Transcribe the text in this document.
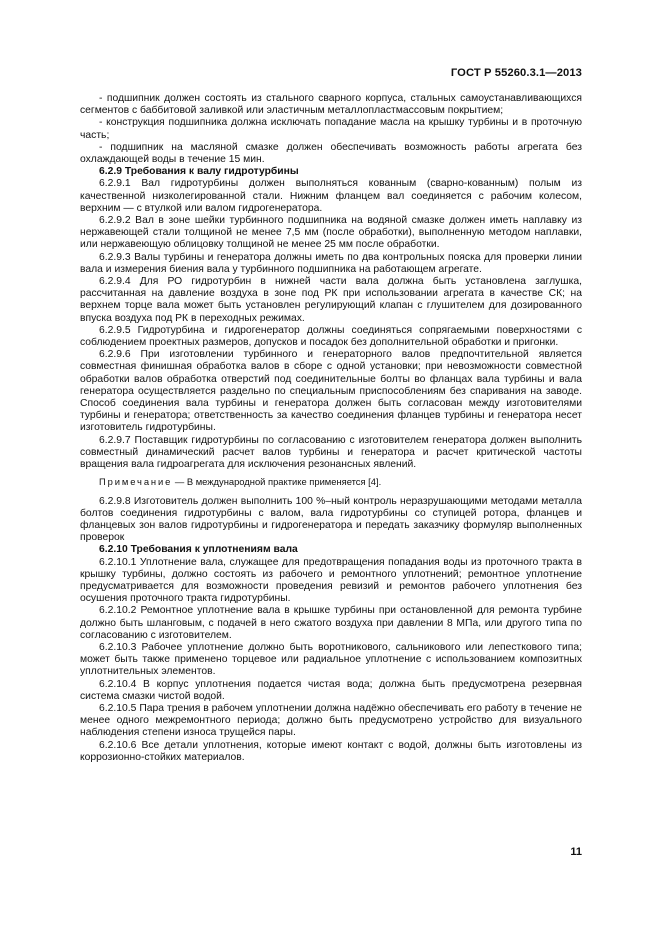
ГОСТ Р 55260.3.1—2013

- подшипник должен состоять из стального сварного корпуса, стальных самоустанавливающихся сегментов с баббитовой заливкой или эластичным металлопластмассовым покрытием;

- конструкция подшипника должна исключать попадание масла на крышку турбины и в проточную часть;

- подшипник на масляной смазке должен обеспечивать возможность работы агрегата без охлаждающей воды в течение 15 мин.

6.2.9 Требования к валу гидротурбины

6.2.9.1 Вал гидротурбины должен выполняться кованным (сварно-кованным) полым из качественной низколегированной стали. Нижним фланцем вал соединяется с рабочим колесом, верхним — с втулкой или валом гидрогенератора.

6.2.9.2 Вал в зоне шейки турбинного подшипника на водяной смазке должен иметь наплавку из нержавеющей стали толщиной не менее 7,5 мм (после обработки), выполненную методом наплавки, или нержавеющую облицовку толщиной не менее 25 мм после обработки.

6.2.9.3 Валы турбины и генератора должны иметь по два контрольных пояска для проверки линии вала и измерения биения вала у турбинного подшипника на работающем агрегате.

6.2.9.4 Для РО гидротурбин в нижней части вала должна быть установлена заглушка, рассчитанная на давление воздуха в зоне под РК при использовании агрегата в качестве СК; на верхнем торце вала может быть установлен регулирующий клапан с глушителем для дозированного впуска воздуха под РК в переходных режимах.

6.2.9.5 Гидротурбина и гидрогенератор должны соединяться сопрягаемыми поверхностями с соблюдением проектных размеров, допусков и посадок без дополнительной обработки и пригонки.

6.2.9.6 При изготовлении турбинного и генераторного валов предпочтительной является совместная финишная обработка валов в сборе с одной установки; при невозможности совместной обработки валов обработка отверстий под соединительные болты во фланцах вала турбины и вала генератора осуществляется раздельно по специальным приспособлениям без спаривания на заводе. Способ соединения вала турбины и генератора должен быть согласован между изготовителями турбины и генератора; ответственность за качество соединения фланцев турбины и генератора несет изготовитель гидротурбины.

6.2.9.7 Поставщик гидротурбины по согласованию с изготовителем генератора должен выполнить совместный динамический расчет валов турбины и генератора и расчет критической частоты вращения вала гидроагрегата для исключения резонансных явлений.

Примечание — В международной практике применяется [4].

6.2.9.8 Изготовитель должен выполнить 100 %–ный контроль неразрушающими методами металла болтов соединения гидротурбины с валом, вала гидротурбины со ступицей ротора, фланцев и фланцевых зон валов гидротурбины и гидрогенератора и передать заказчику формуляр выполненных проверок

6.2.10 Требования к уплотнениям вала

6.2.10.1 Уплотнение вала, служащее для предотвращения попадания воды из проточного тракта в крышку турбины, должно состоять из рабочего и ремонтного уплотнений; ремонтное уплотнение предусматривается для возможности проведения ревизий и ремонтов рабочего уплотнения без осушения проточного тракта гидротурбины.

6.2.10.2 Ремонтное уплотнение вала в крышке турбины при остановленной для ремонта турбине должно быть шланговым, с подачей в него сжатого воздуха при давлении 8 МПа, или другого типа по согласованию с изготовителем.

6.2.10.3 Рабочее уплотнение должно быть воротникового, сальникового или лепесткового типа; может быть также применено торцевое или радиальное уплотнение с использованием композитных уплотнительных элементов.

6.2.10.4 В корпус уплотнения подается чистая вода; должна быть предусмотрена резервная система смазки чистой водой.

6.2.10.5 Пара трения в рабочем уплотнении должна надёжно обеспечивать его работу в течение не менее одного межремонтного периода; должно быть предусмотрено устройство для визуального наблюдения степени износа трущейся пары.

6.2.10.6 Все детали уплотнения, которые имеют контакт с водой, должны быть изготовлены из коррозионно-стойких материалов.

11
